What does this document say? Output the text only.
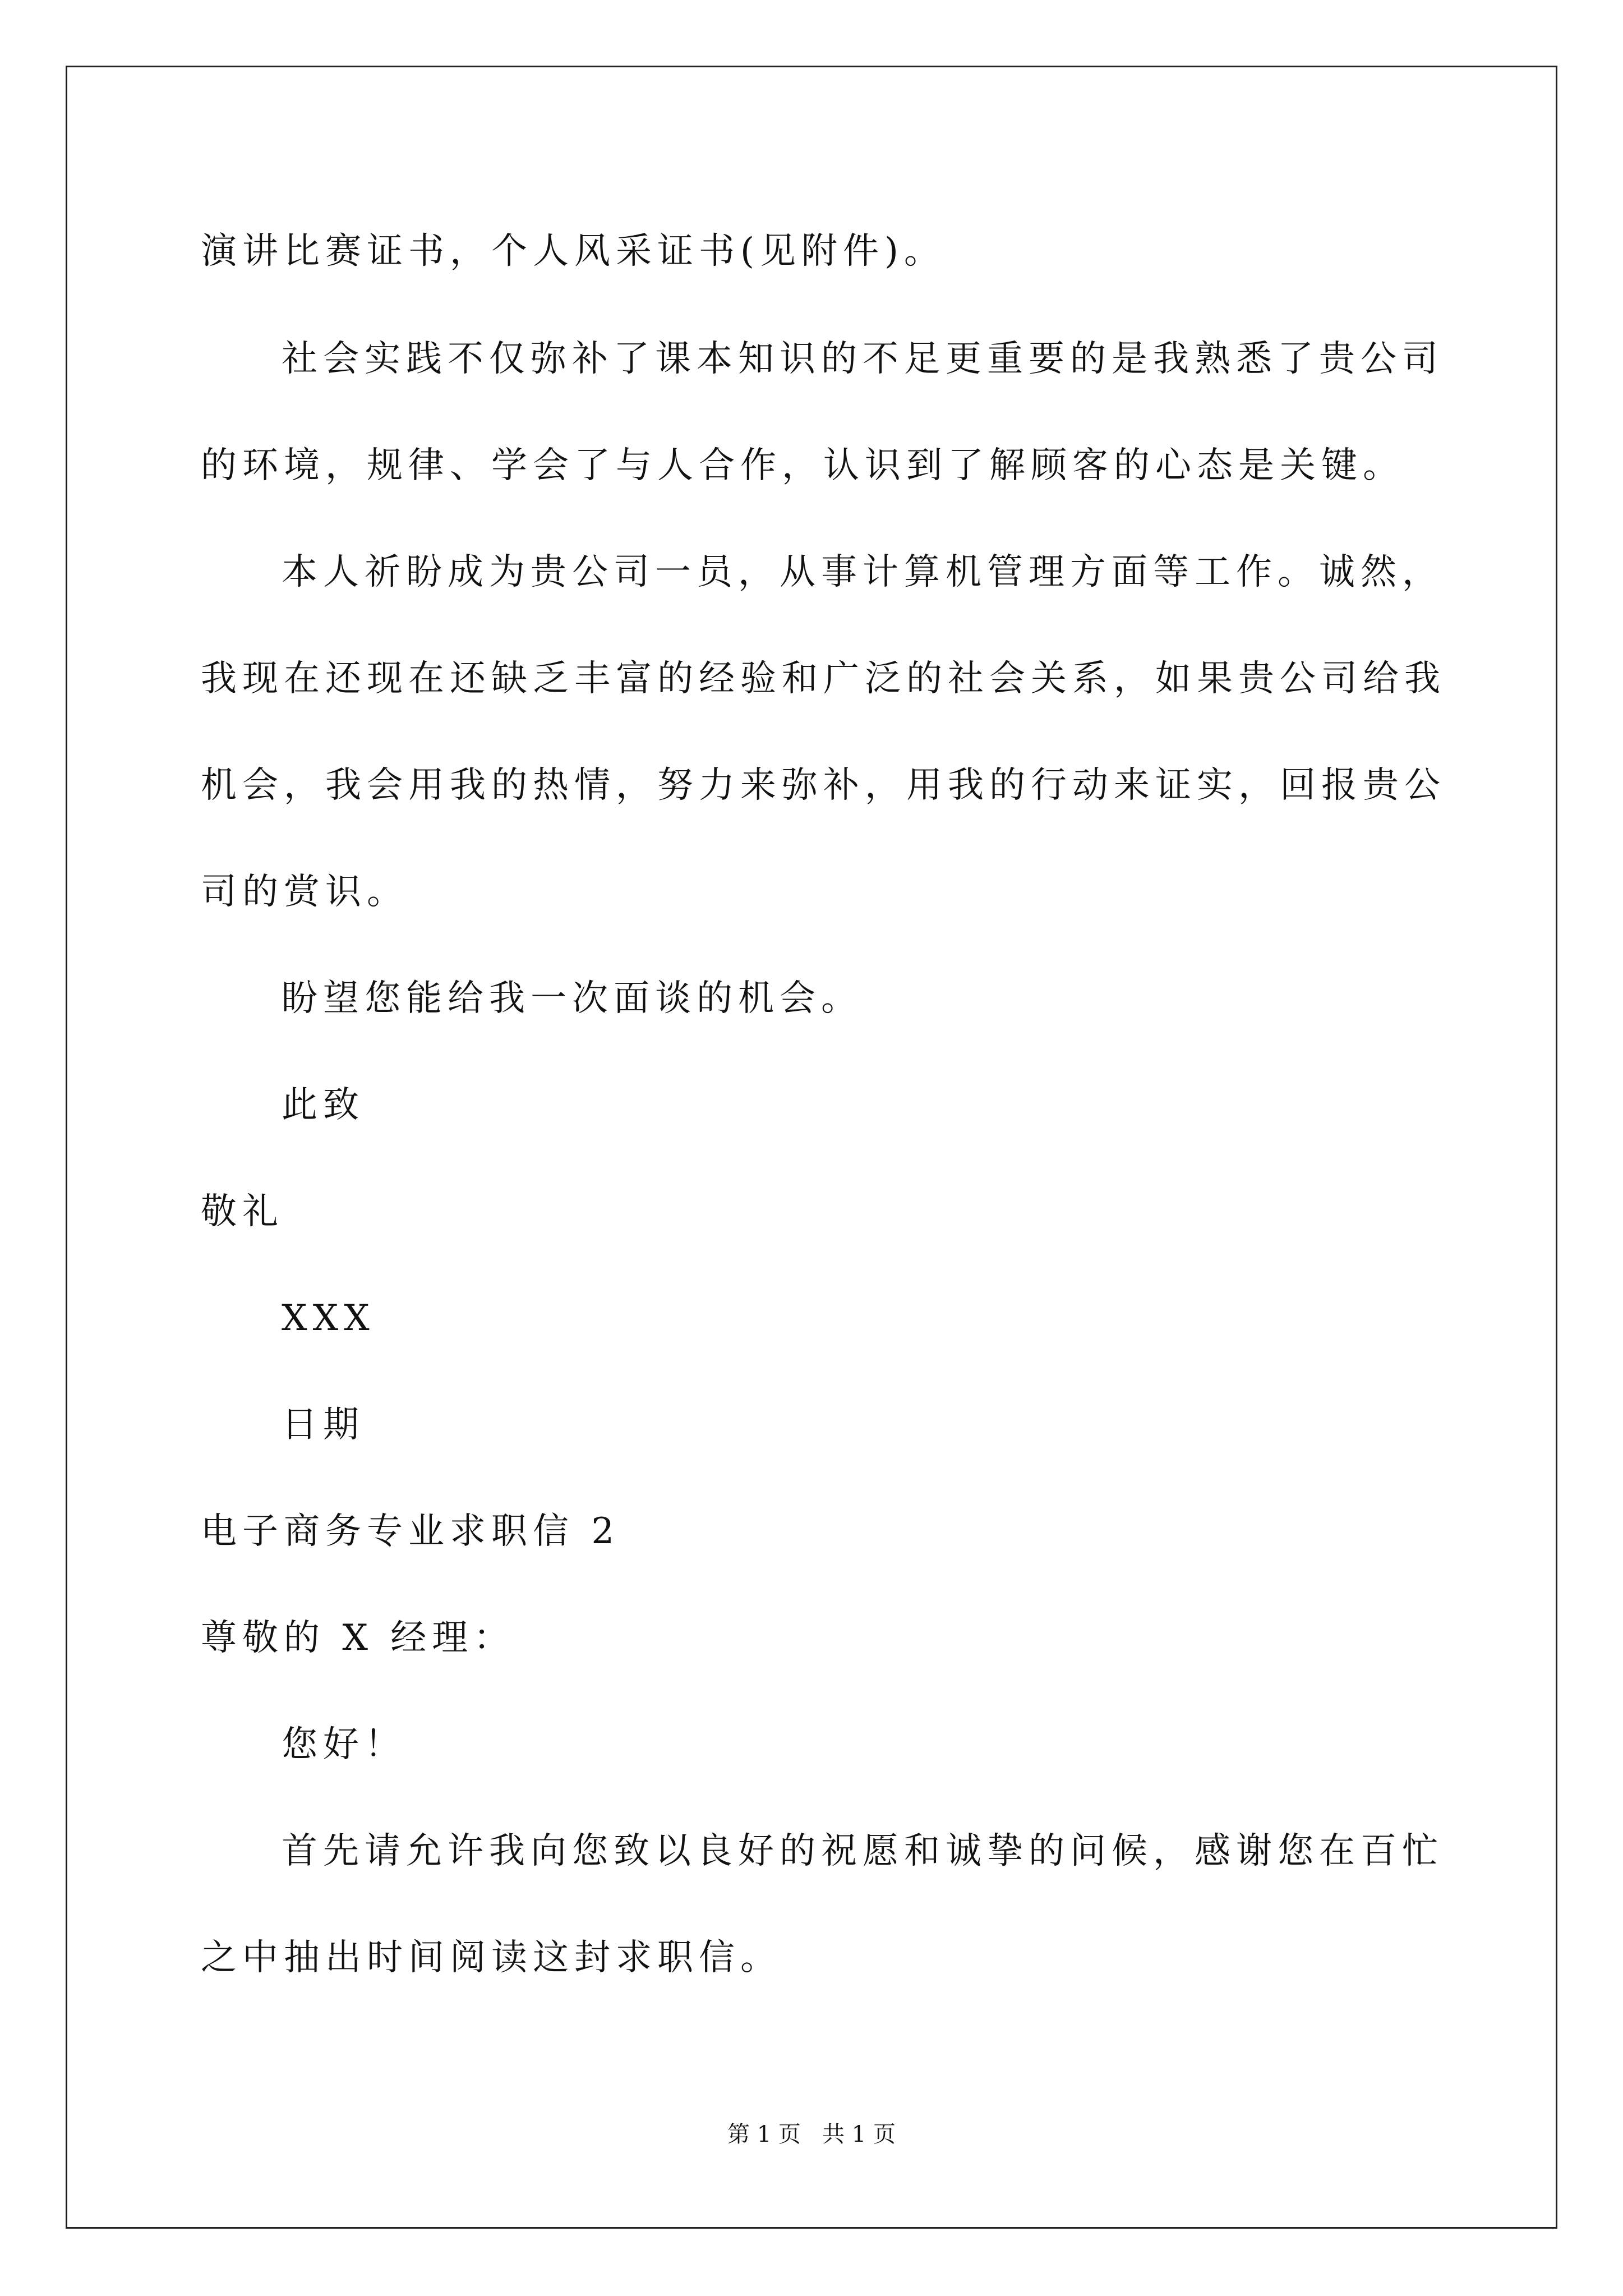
演讲比赛证书，个人风采证书(见附件)。
社会实践不仅弥补了课本知识的不足更重要的是我熟悉了贵公司
的环境，规律、学会了与人合作，认识到了解顾客的心态是关键。
本人祈盼成为贵公司一员，从事计算机管理方面等工作。诚然，
我现在还现在还缺乏丰富的经验和广泛的社会关系，如果贵公司给我
机会，我会用我的热情，努力来弥补，用我的行动来证实，回报贵公
司的赏识。
盼望您能给我一次面谈的机会。
此致
敬礼
XXX
日期
电子商务专业求职信 2
尊敬的 X 经理：
您好！
首先请允许我向您致以良好的祝愿和诚挚的问候，感谢您在百忙
之中抽出时间阅读这封求职信。
第 1 页   共 1 页
